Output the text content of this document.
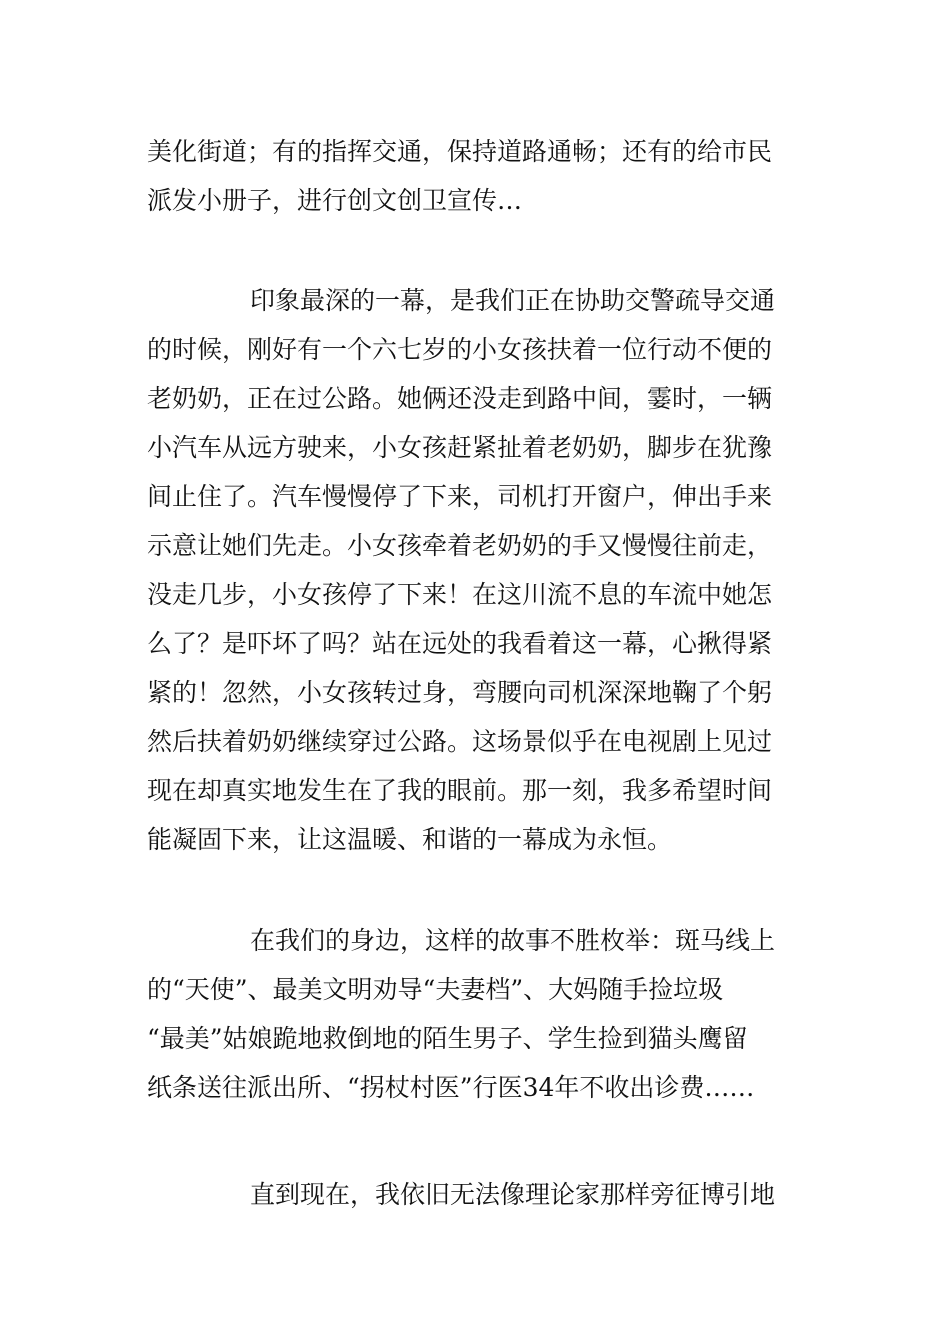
美化街道；有的指挥交通，保持道路通畅；还有的给市民
派发小册子，进行创文创卫宣传…
印象最深的一幕，是我们正在协助交警疏导交通
的时候，刚好有一个六七岁的小女孩扶着一位行动不便的
老奶奶，正在过公路。她俩还没走到路中间，霎时，一辆
小汽车从远方驶来，小女孩赶紧扯着老奶奶，脚步在犹豫
间止住了。汽车慢慢停了下来，司机打开窗户，伸出手来
示意让她们先走。小女孩牵着老奶奶的手又慢慢往前走，
没走几步，小女孩停了下来！在这川流不息的车流中她怎
么了？是吓坏了吗？站在远处的我看着这一幕，心揪得紧
紧的！忽然，小女孩转过身，弯腰向司机深深地鞠了个躬
然后扶着奶奶继续穿过公路。这场景似乎在电视剧上见过
现在却真实地发生在了我的眼前。那一刻，我多希望时间
能凝固下来，让这温暖、和谐的一幕成为永恒。
在我们的身边，这样的故事不胜枚举：斑马线上
的“天使”、最美文明劝导“夫妻档”、大妈随手捡垃圾
“最美”姑娘跪地救倒地的陌生男子、学生捡到猫头鹰留
纸条送往派出所、“拐杖村医”行医34年不收出诊费……
直到现在，我依旧无法像理论家那样旁征博引地
